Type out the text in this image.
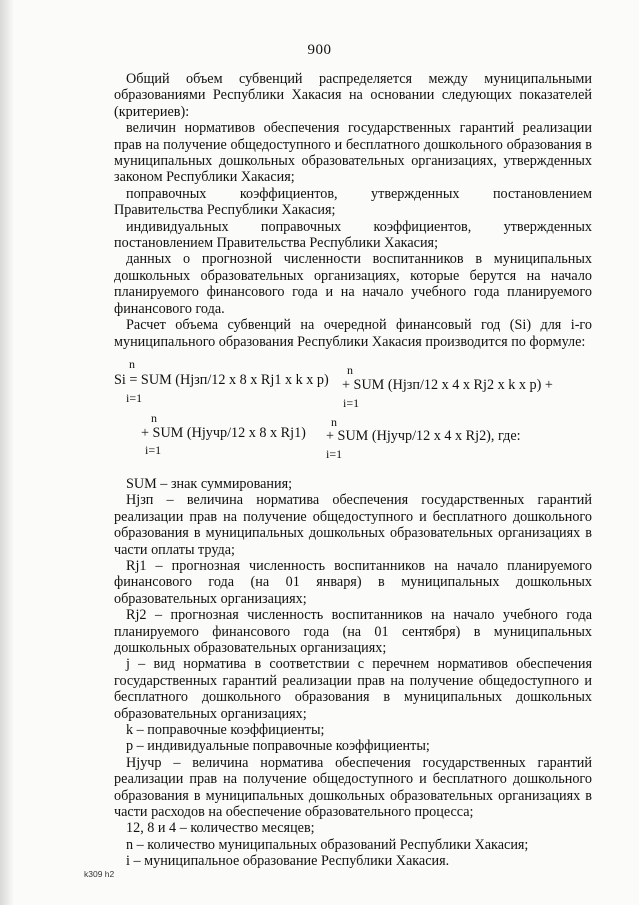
900

Общий объем субвенций распределяется между муниципальными образованиями Республики Хакасия на основании следующих показателей (критериев):

величин нормативов обеспечения государственных гарантий реализации прав на получение общедоступного и бесплатного дошкольного образования в муниципальных дошкольных образовательных организациях, утвержденных законом Республики Хакасия;

поправочных коэффициентов, утвержденных постановлением Правительства Республики Хакасия;

индивидуальных поправочных коэффициентов, утвержденных постановлением Правительства Республики Хакасия;

данных о прогнозной численности воспитанников в муниципальных дошкольных образовательных организациях, которые берутся на начало планируемого финансового года и на начало учебного года планируемого финансового года.

Расчет объема субвенций на очередной финансовый год (Si) для i-го муниципального образования Республики Хакасия производится по формуле:

n
Si = SUM (Hjзп/12 x 8 x Rj1 x k x p)
n
+ SUM (Hjзп/12 x 4 x Rj2 x k x p) +
i=1	i=1
n
+ SUM (Hjучр/12 x 8 x Rj1)
n
+ SUM (Hjучр/12 x 4 x Rj2), где:
i=1	i=1

SUM – знак суммирования;

Hjзп – величина норматива обеспечения государственных гарантий реализации прав на получение общедоступного и бесплатного дошкольного образования в муниципальных дошкольных образовательных организациях в части оплаты труда;

Rj1 – прогнозная численность воспитанников на начало планируемого финансового года (на 01 января) в муниципальных дошкольных образовательных организациях;

Rj2 – прогнозная численность воспитанников на начало учебного года планируемого финансового года (на 01 сентября) в муниципальных дошкольных образовательных организациях;

j – вид норматива в соответствии с перечнем нормативов обеспечения государственных гарантий реализации прав на получение общедоступного и бесплатного дошкольного образования в муниципальных дошкольных образовательных организациях;

k – поправочные коэффициенты;

p – индивидуальные поправочные коэффициенты;

Hjучр – величина норматива обеспечения государственных гарантий реализации прав на получение общедоступного и бесплатного дошкольного образования в муниципальных дошкольных образовательных организациях в части расходов на обеспечение образовательного процесса;

12, 8 и 4 – количество месяцев;

n – количество муниципальных образований Республики Хакасия;

i – муниципальное образование Республики Хакасия.

k309 h2
